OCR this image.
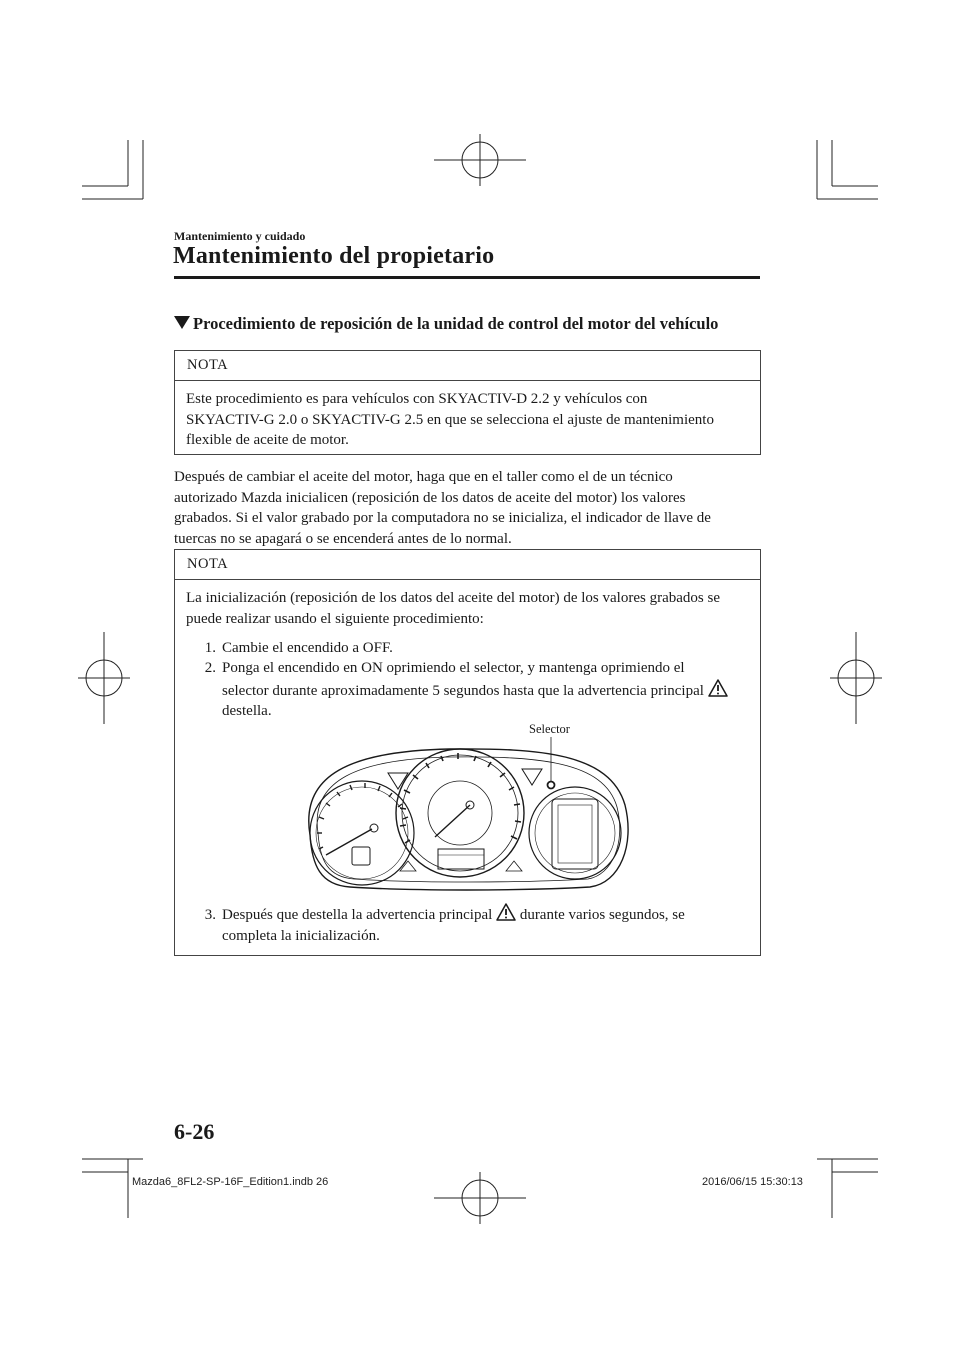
Mantenimiento y cuidado
Mantenimiento del propietario
Procedimiento de reposición de la unidad de control del motor del vehículo
NOTA
Este procedimiento es para vehículos con SKYACTIV-D 2.2 y vehículos con
SKYACTIV-G 2.0 o SKYACTIV-G 2.5 en que se selecciona el ajuste de mantenimiento
flexible de aceite de motor.
Después de cambiar el aceite del motor, haga que en el taller como el de un técnico
autorizado Mazda inicialicen (reposición de los datos de aceite del motor) los valores
grabados. Si el valor grabado por la computadora no se inicializa, el indicador de llave de
tuercas no se apagará o se encenderá antes de lo normal.
NOTA
La inicialización (reposición de los datos del aceite del motor) de los valores grabados se
puede realizar usando el siguiente procedimiento:
1. Cambie el encendido a OFF.
2. Ponga el encendido en ON oprimiendo el selector, y mantenga oprimiendo el
selector durante aproximadamente 5 segundos hasta que la advertencia principal
destella.
Selector
3. Después que destella la advertencia principal durante varios segundos, se
completa la inicialización.
6-26
Mazda6_8FL2-SP-16F_Edition1.indb 26	2016/06/15 15:30:13
